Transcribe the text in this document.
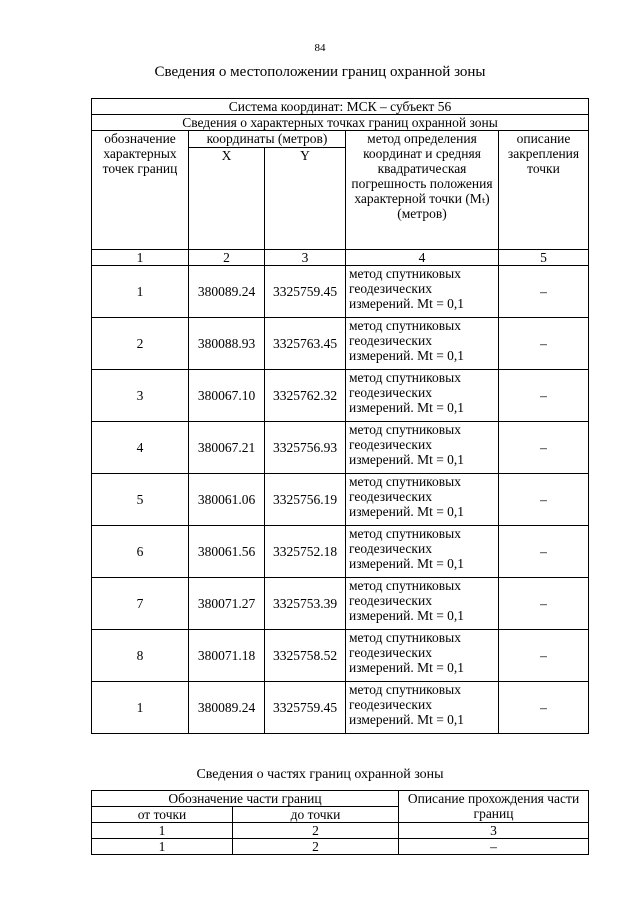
84
Сведения о местоположении границ охранной зоны
Система координат: МСК – субъект 56				
Сведения о характерных точках границ охранной зоны				
обозначение характерных точек границ	координаты (метров)		метод определения координат и средняя квадратическая погрешность положения характерной точки (Mₜ) (метров)	описание закрепления точки
	X	Y		
1	2	3	4	5
1	380089.24	3325759.45	метод спутниковых геодезических измерений. Mt = 0,1	–
2	380088.93	3325763.45	метод спутниковых геодезических измерений. Mt = 0,1	–
3	380067.10	3325762.32	метод спутниковых геодезических измерений. Mt = 0,1	–
4	380067.21	3325756.93	метод спутниковых геодезических измерений. Mt = 0,1	–
5	380061.06	3325756.19	метод спутниковых геодезических измерений. Mt = 0,1	–
6	380061.56	3325752.18	метод спутниковых геодезических измерений. Mt = 0,1	–
7	380071.27	3325753.39	метод спутниковых геодезических измерений. Mt = 0,1	–
8	380071.18	3325758.52	метод спутниковых геодезических измерений. Mt = 0,1	–
1	380089.24	3325759.45	метод спутниковых геодезических измерений. Mt = 0,1	–
Сведения о частях границ охранной зоны
Обозначение части границ		Описание прохождения части границ
от точки	до точки	
1	2	3
1	2	–
